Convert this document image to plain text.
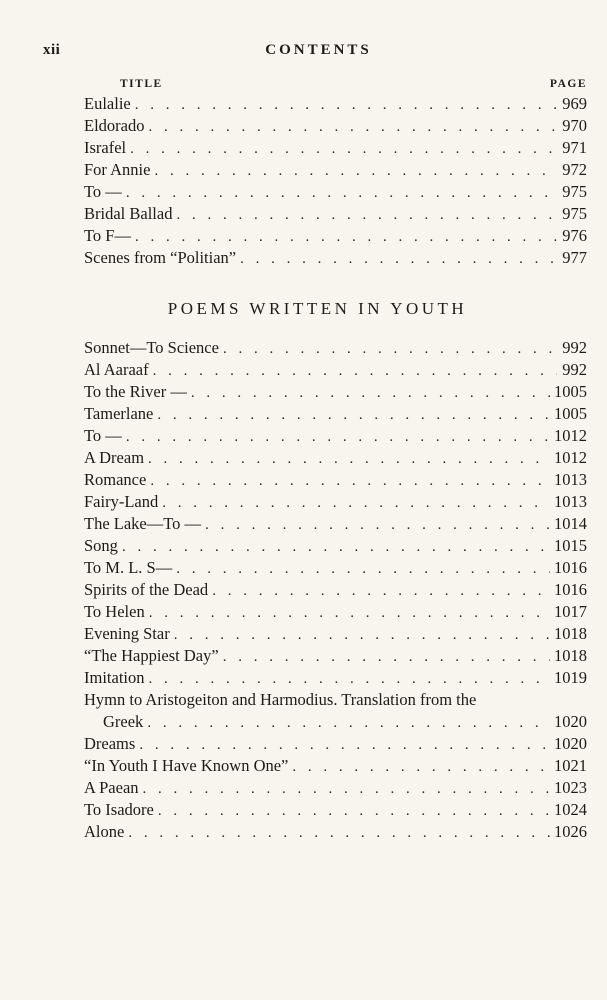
xii	CONTENTS
TITLE	PAGE
Eulalie . . .	969
Eldorado . . .	970
Israfel . . .	971
For Annie . . .	972
To — . . .	975
Bridal Ballad . . .	975
To F— . . .	976
Scenes from “Politian” . . .	977
POEMS WRITTEN IN YOUTH
Sonnet—To Science . . .	992
Al Aaraaf . . .	992
To the River — . . .	1005
Tamerlane . . .	1005
To — . . .	1012
A Dream . . .	1012
Romance . . .	1013
Fairy-Land . . .	1013
The Lake—To — . . .	1014
Song . . .	1015
To M. L. S— . . .	1016
Spirits of the Dead . . .	1016
To Helen . . .	1017
Evening Star . . .	1018
“The Happiest Day” . . .	1018
Imitation . . .	1019
Hymn to Aristogeiton and Harmodius. Translation from the
Greek . . .	1020
Dreams . . .	1020
“In Youth I Have Known One” . . .	1021
A Paean . . .	1023
To Isadore . . .	1024
Alone . . .	1026
